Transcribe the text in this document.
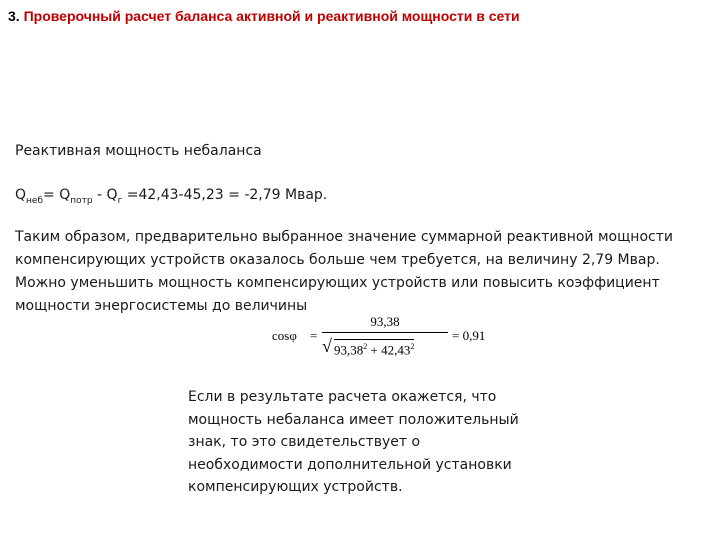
3. Проверочный расчет баланса активной и реактивной мощности в сети
Реактивная мощность небаланса
$Q_{неб}= Q_{потр} - Q_г =42,43-45,23 = -2,79$ Мвар.
Таким образом, предварительно выбранное значение суммарной реактивной мощности
компенсирующих устройств оказалось больше чем требуется, на величину 2,79 Мвар.
Можно уменьшить мощность компенсирующих устройств или повысить коэффициент
мощности энергосистемы до величины
cosφ =
93,38
√ $93,38^2 + 42,43^2$
= 0,91
Если в результате расчета окажется, что
мощность небаланса имеет положительный
знак, то это свидетельствует о
необходимости дополнительной установки
компенсирующих устройств.
